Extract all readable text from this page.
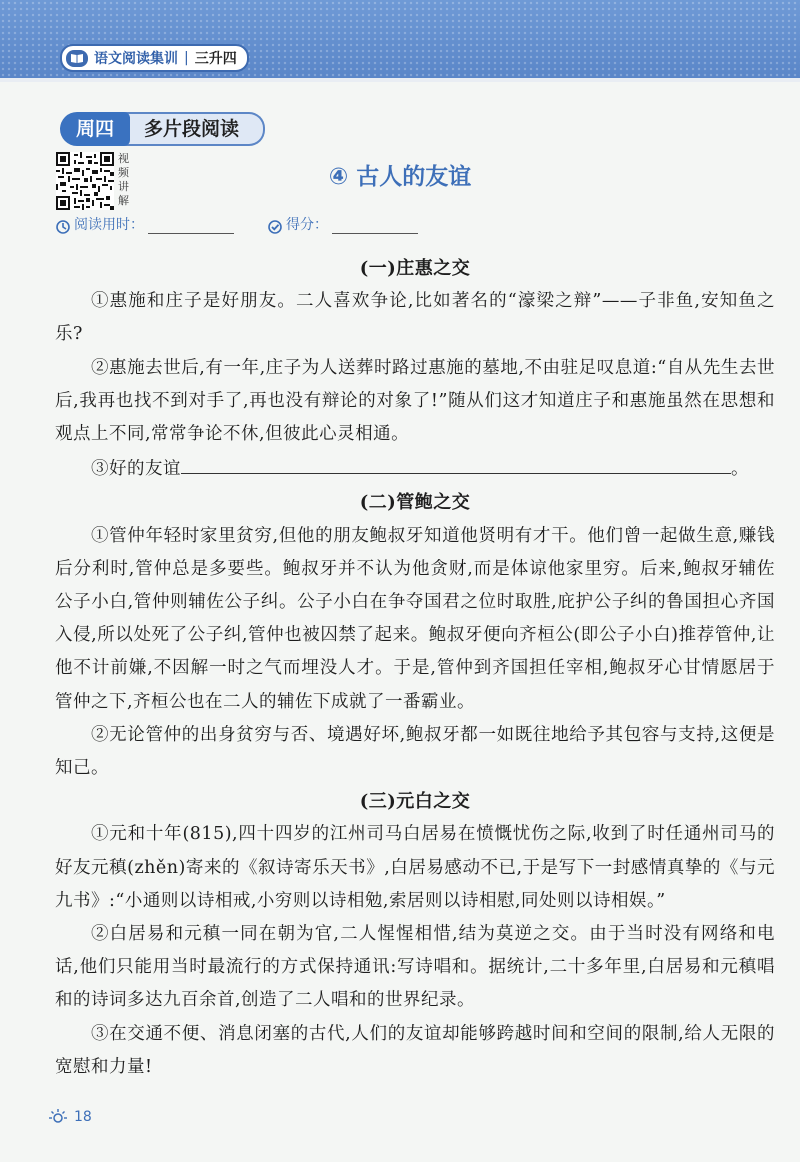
语文阅读集训 | 三升四
周四	多片段阅读
视频讲解
④ 古人的友谊
阅读用时：	得分：

(一)庄惠之交

①惠施和庄子是好朋友。二人喜欢争论,比如著名的“濠梁之辩”——子非鱼,安知鱼之乐?

②惠施去世后,有一年,庄子为人送葬时路过惠施的墓地,不由驻足叹息道:“自从先生去世后,我再也找不到对手了,再也没有辩论的对象了!”随从们这才知道庄子和惠施虽然在思想和观点上不同,常常争论不休,但彼此心灵相通。

③好的友谊	。

(二)管鲍之交

①管仲年轻时家里贫穷,但他的朋友鲍叔牙知道他贤明有才干。他们曾一起做生意,赚钱后分利时,管仲总是多要些。鲍叔牙并不认为他贪财,而是体谅他家里穷。后来,鲍叔牙辅佐公子小白,管仲则辅佐公子纠。公子小白在争夺国君之位时取胜,庇护公子纠的鲁国担心齐国入侵,所以处死了公子纠,管仲也被囚禁了起来。鲍叔牙便向齐桓公(即公子小白)推荐管仲,让他不计前嫌,不因解一时之气而埋没人才。于是,管仲到齐国担任宰相,鲍叔牙心甘情愿居于管仲之下,齐桓公也在二人的辅佐下成就了一番霸业。

②无论管仲的出身贫穷与否、境遇好坏,鲍叔牙都一如既往地给予其包容与支持,这便是知己。

(三)元白之交

①元和十年(815),四十四岁的江州司马白居易在愤慨忧伤之际,收到了时任通州司马的好友元稹(zhěn)寄来的《叙诗寄乐天书》,白居易感动不已,于是写下一封感情真挚的《与元九书》:“小通则以诗相戒,小穷则以诗相勉,索居则以诗相慰,同处则以诗相娱。”

②白居易和元稹一同在朝为官,二人惺惺相惜,结为莫逆之交。由于当时没有网络和电话,他们只能用当时最流行的方式保持通讯:写诗唱和。据统计,二十多年里,白居易和元稹唱和的诗词多达九百余首,创造了二人唱和的世界纪录。

③在交通不便、消息闭塞的古代,人们的友谊却能够跨越时间和空间的限制,给人无限的宽慰和力量!

18
